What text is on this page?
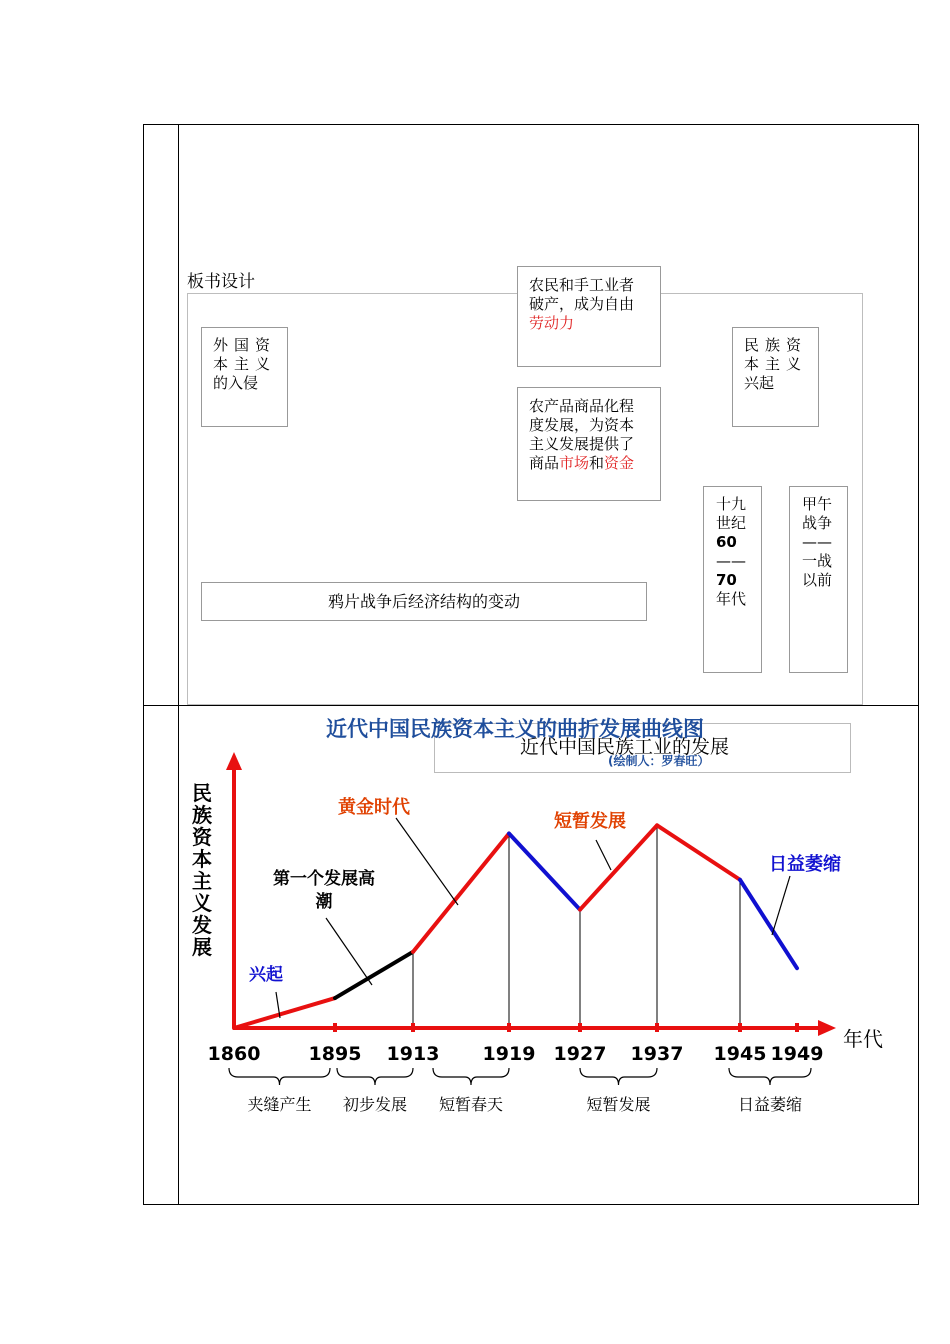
板书设计
外国资
本主义
的入侵
农民和手工业者
破产，成为自由
劳动力
农产品商品化程
度发展，为资本
主义发展提供了
商品市场和资金
民族资
本主义
兴起
十九
世纪
60
——
70
年代
甲午
战争
——
一战
以前
鸦片战争后经济结构的变动
近代中国民族工业的发展
近代中国民族资本主义的曲折发展曲线图
(绘制人：罗春旺）
民族资本主义发展
年代
兴起
第一个发展高潮
黄金时代
短暂发展
日益萎缩
1860	1895 1913 1919 1927 1937 1945 1949
夹缝产生 初步发展 短暂春天	短暂发展	日益萎缩
